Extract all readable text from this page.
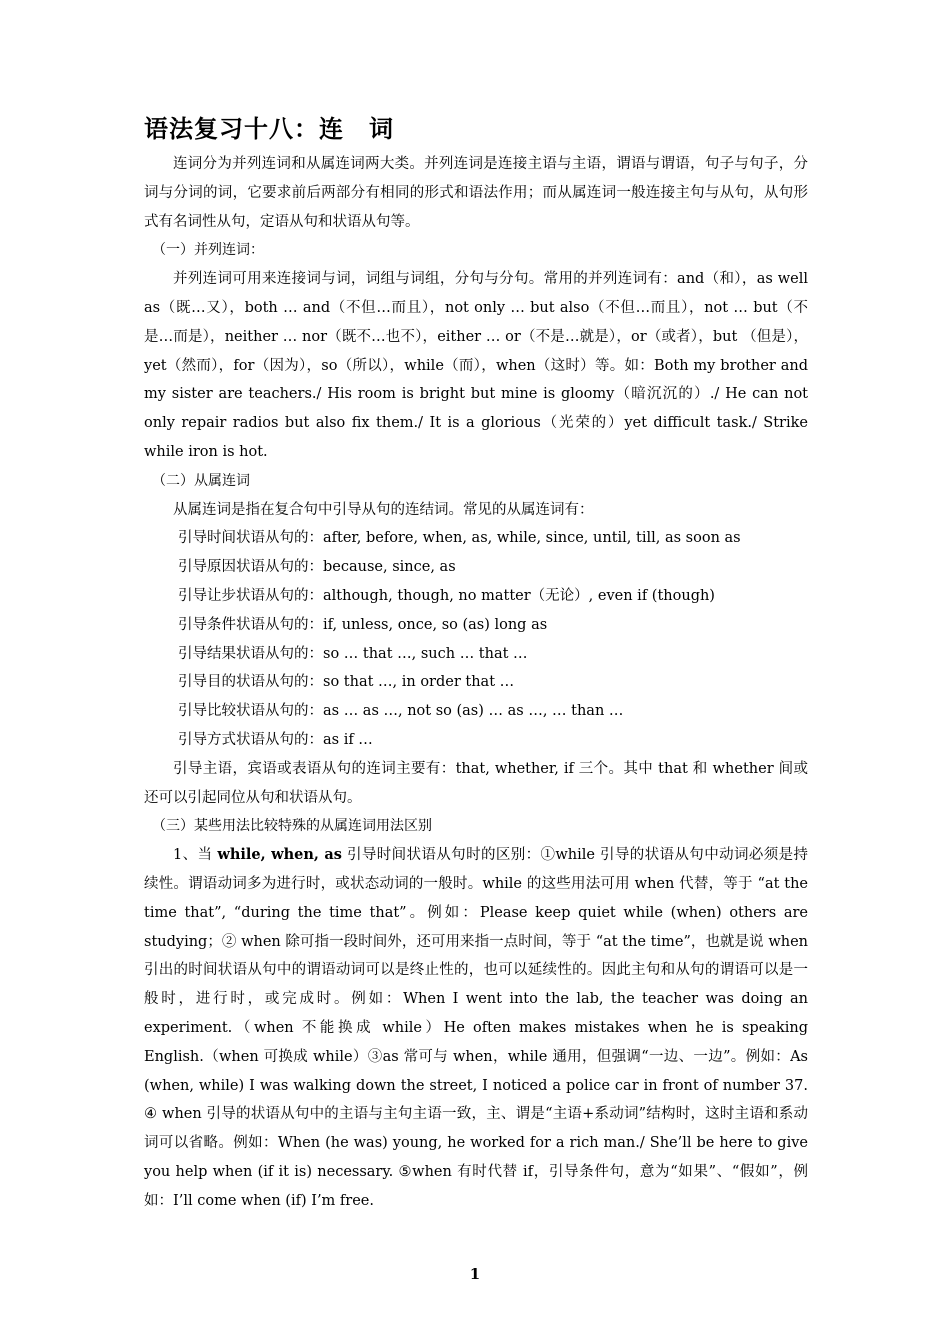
语法复习十八：连　词

连词分为并列连词和从属连词两大类。并列连词是连接主语与主语，谓语与谓语，句子与句子，分词与分词的词，它要求前后两部分有相同的形式和语法作用；而从属连词一般连接主句与从句，从句形式有名词性从句，定语从句和状语从句等。

（一）并列连词：

并列连词可用来连接词与词，词组与词组，分句与分句。常用的并列连词有：and（和），as well as（既…又），both … and（不但…而且），not only … but also（不但…而且），not … but（不是…而是），neither … nor（既不…也不），either … or（不是…就是），or（或者），but （但是），yet（然而），for（因为），so（所以），while（而），when（这时）等。如：Both my brother and my sister are teachers./ His room is bright but mine is gloomy（暗沉沉的）./ He can not only repair radios but also fix them./ It is a glorious（光荣的）yet difficult task./ Strike while iron is hot.

（二）从属连词

从属连词是指在复合句中引导从句的连结词。常见的从属连词有：

引导时间状语从句的：after, before, when, as, while, since, until, till, as soon as

引导原因状语从句的：because, since, as

引导让步状语从句的：although, though, no matter（无论）, even if (though)

引导条件状语从句的：if, unless, once, so (as) long as

引导结果状语从句的：so … that …, such … that …

引导目的状语从句的：so that …, in order that …

引导比较状语从句的：as … as …, not so (as) … as …, … than …

引导方式状语从句的：as if …

引导主语，宾语或表语从句的连词主要有：that, whether, if 三个。其中 that 和 whether 间或还可以引起同位从句和状语从句。

（三）某些用法比较特殊的从属连词用法区别

1、当 while, when, as 引导时间状语从句时的区别：①while 引导的状语从句中动词必须是持续性。谓语动词多为进行时，或状态动词的一般时。while 的这些用法可用 when 代替，等于 “at the time that”, “during the time that”。例如：Please keep quiet while (when) others are studying；② when 除可指一段时间外，还可用来指一点时间，等于 “at the time”，也就是说 when 引出的时间状语从句中的谓语动词可以是终止性的，也可以延续性的。因此主句和从句的谓语可以是一般时，进行时，或完成时。例如：When I went into the lab, the teacher was doing an experiment.（when 不能换成 while）He often makes mistakes when he is speaking English.（when 可换成 while）③as 常可与 when，while 通用，但强调“一边、一边”。例如：As (when, while) I was walking down the street, I noticed a police car in front of number 37. ④ when 引导的状语从句中的主语与主句主语一致，主、谓是“主语+系动词”结构时，这时主语和系动词可以省略。例如：When (he was) young, he worked for a rich man./ She’ll be here to give you help when (if it is) necessary. ⑤when 有时代替 if，引导条件句，意为“如果”、“假如”，例如：I’ll come when (if) I’m free.

1
